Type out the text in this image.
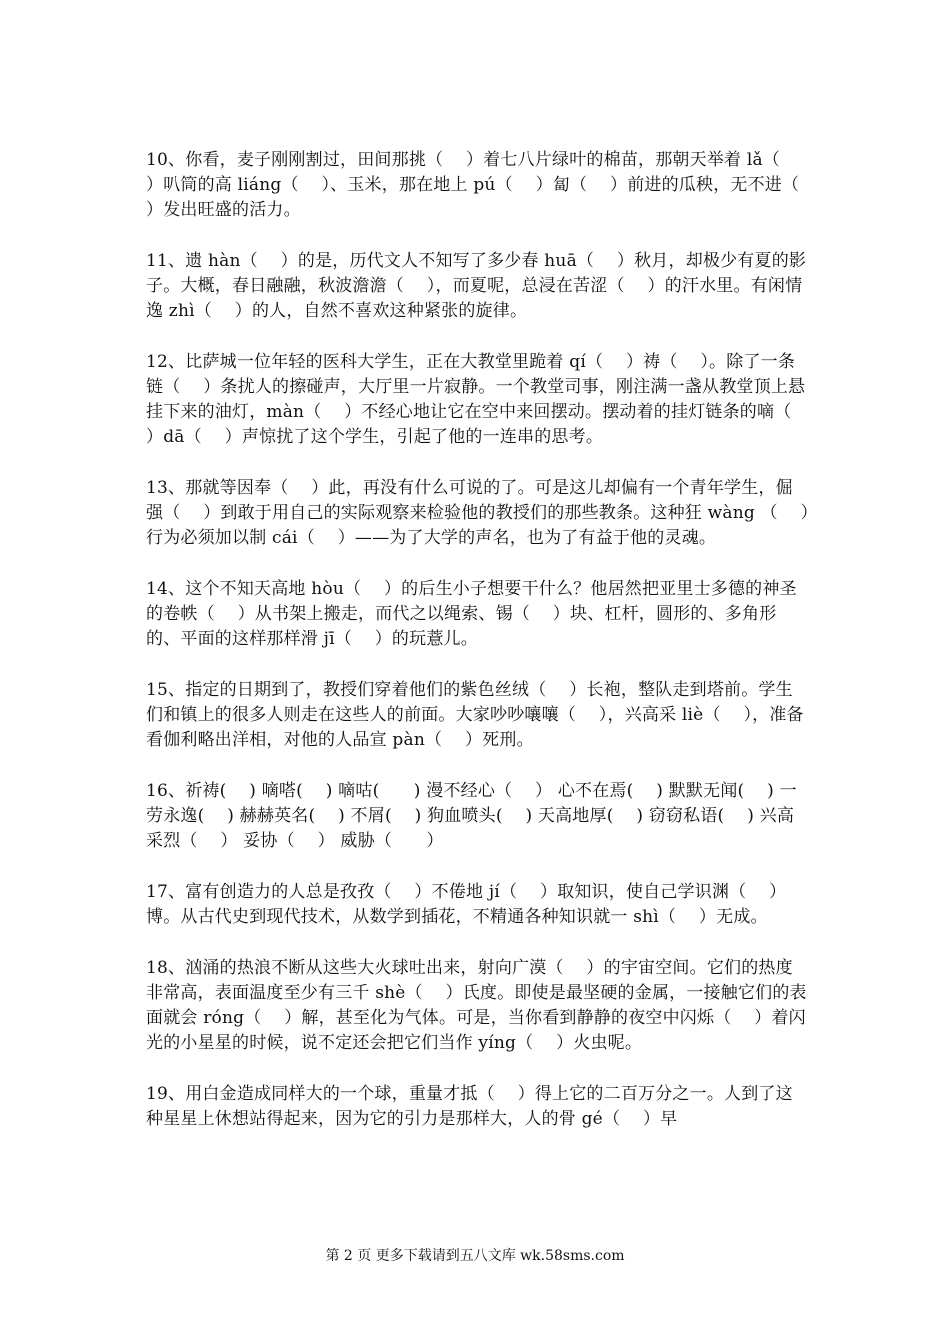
10、你看，麦子刚刚割过，田间那挑（　 ）着七八片绿叶的棉苗，那朝天举着 lǎ（　 ）叭筒的高 liáng（　 ）、玉米，那在地上 pú（　 ）匐（　 ）前进的瓜秧，无不进（　 ）发出旺盛的活力。

11、遗 hàn（　 ）的是，历代文人不知写了多少春 huā（　 ）秋月，却极少有夏的影子。大概，春日融融，秋波澹澹（　 ），而夏呢，总浸在苦涩（　 ）的汗水里。有闲情逸 zhì（　 ）的人，自然不喜欢这种紧张的旋律。

12、比萨城一位年轻的医科大学生，正在大教堂里跪着 qí（　 ）祷（　 ）。除了一条链（　 ）条扰人的擦碰声，大厅里一片寂静。一个教堂司事，刚注满一盏从教堂顶上悬挂下来的油灯，màn（　 ）不经心地让它在空中来回摆动。摆动着的挂灯链条的嘀（　 ）dā（　 ）声惊扰了这个学生，引起了他的一连串的思考。

13、那就等因奉（　 ）此，再没有什么可说的了。可是这儿却偏有一个青年学生，倔强（　 ）到敢于用自己的实际观察来检验他的教授们的那些教条。这种狂 wàng （　 ）行为必须加以制 cái（　 ）——为了大学的声名，也为了有益于他的灵魂。

14、这个不知天高地 hòu（　 ）的后生小子想要干什么？他居然把亚里士多德的神圣的卷帙（　 ）从书架上搬走，而代之以绳索、锡（　 ）块、杠杆，圆形的、多角形的、平面的这样那样滑 jī（　 ）的玩薏儿。

15、指定的日期到了，教授们穿着他们的紫色丝绒（　 ）长袍，整队走到塔前。学生们和镇上的很多人则走在这些人的前面。大家吵吵嚷嚷（　 ），兴高采 liè（　 ），准备看伽利略出洋相，对他的人品宣 pàn（　 ）死刑。

16、祈祷(　 ) 嘀嗒(　 ) 嘀咕(　　) 漫不经心（　 ） 心不在焉(　 ) 默默无闻(　 ) 一劳永逸(　 ) 赫赫英名(　 ) 不屑(　 ) 狗血喷头(　 ) 天高地厚(　 ) 窃窃私语(　 ) 兴高采烈（　 ） 妥协（　 ） 威胁（　　）

17、富有创造力的人总是孜孜（　 ）不倦地 jí（　 ）取知识，使自己学识渊（　 ）博。从古代史到现代技术，从数学到插花，不精通各种知识就一 shì（　 ）无成。

18、汹涌的热浪不断从这些大火球吐出来，射向广漠（　 ）的宇宙空间。它们的热度非常高，表面温度至少有三千 shè（　 ）氏度。即使是最坚硬的金属，一接触它们的表面就会 róng（　 ）解，甚至化为气体。可是，当你看到静静的夜空中闪烁（　 ）着闪光的小星星的时候，说不定还会把它们当作 yíng（　 ）火虫呢。

19、用白金造成同样大的一个球，重量才抵（　 ）得上它的二百万分之一。人到了这种星星上休想站得起来，因为它的引力是那样大，人的骨 gé（　 ）早

第 2 页 更多下载请到五八文库 wk.58sms.com
